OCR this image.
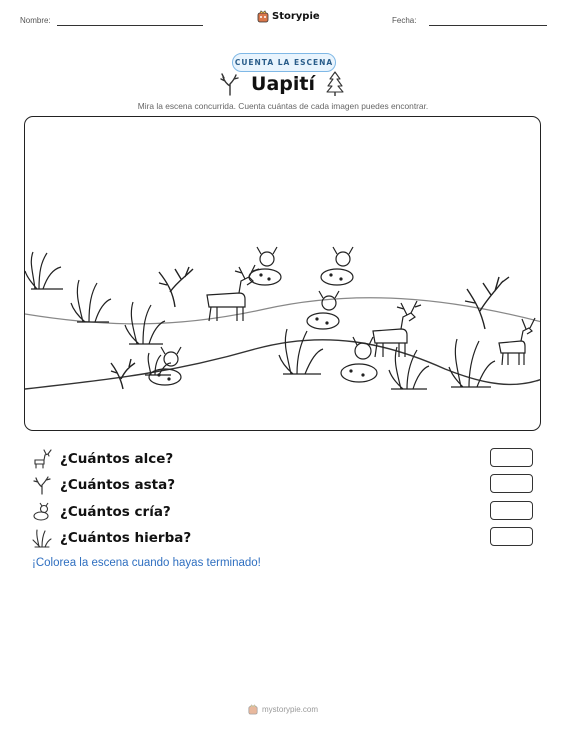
Nombre:	Storypie	Fecha:
CUENTA LA ESCENA
Uapití
Mira la escena concurrida. Cuenta cuántas de cada imagen puedes encontrar.
¿Cuántos alce?
¿Cuántos asta?
¿Cuántos cría?
¿Cuántos hierba?
¡Colorea la escena cuando hayas terminado!
mystorypie.com
